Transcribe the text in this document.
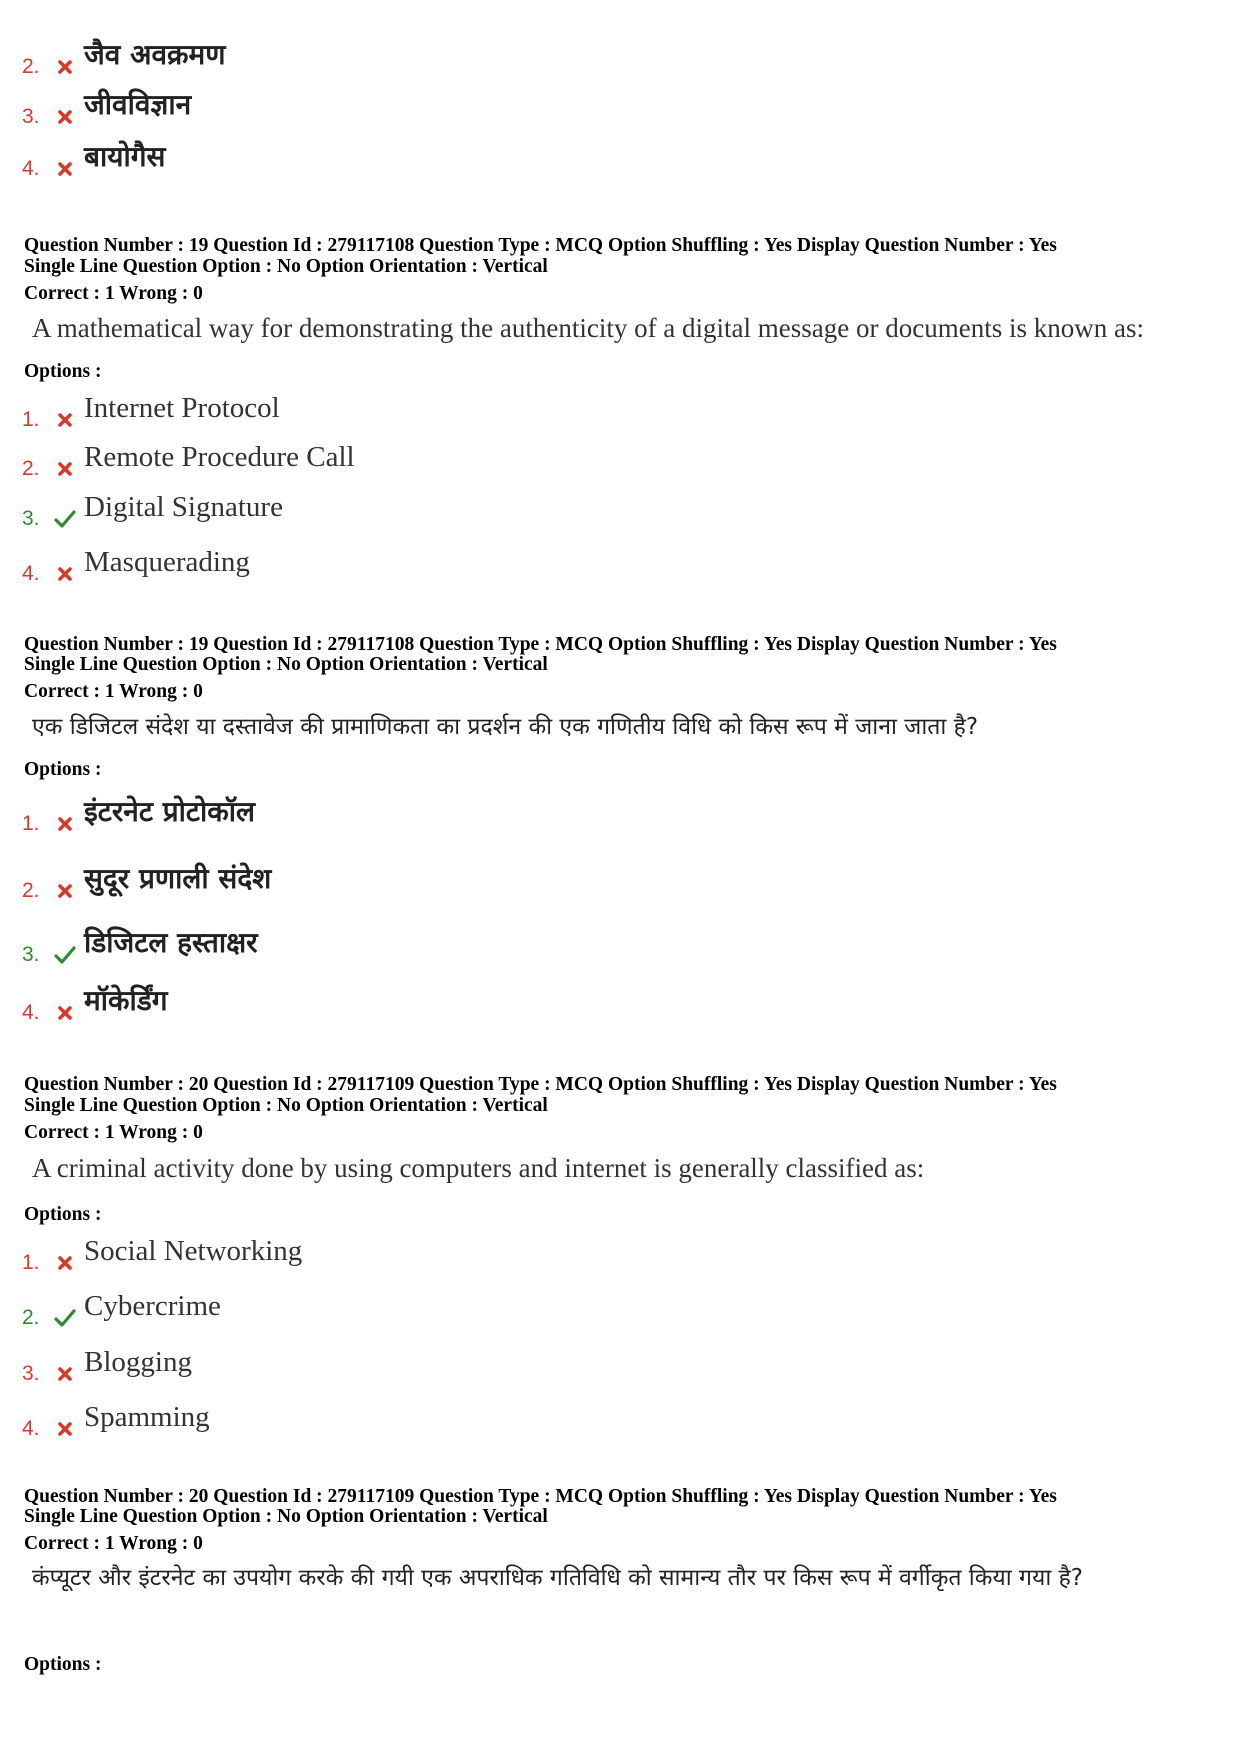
2.	जैव अवक्रमण
3.	जीवविज्ञान
4.	बायोगैस
Question Number : 19 Question Id : 279117108 Question Type : MCQ Option Shuffling : Yes Display Question Number : Yes
Single Line Question Option : No Option Orientation : Vertical
Correct : 1 Wrong : 0
A mathematical way for demonstrating the authenticity of a digital message or documents is known as:
Options :
1.	Internet Protocol
2.	Remote Procedure Call
3.	Digital Signature
4.	Masquerading
Question Number : 19 Question Id : 279117108 Question Type : MCQ Option Shuffling : Yes Display Question Number : Yes
Single Line Question Option : No Option Orientation : Vertical
Correct : 1 Wrong : 0
एक डिजिटल संदेश या दस्तावेज की प्रामाणिकता का प्रदर्शन की एक गणितीय विधि को किस रूप में जाना जाता है?
Options :
1.	इंटरनेट प्रोटोकॉल
2.	सुदूर प्रणाली संदेश
3.	डिजिटल हस्ताक्षर
4.	मॉकेर्डिंग
Question Number : 20 Question Id : 279117109 Question Type : MCQ Option Shuffling : Yes Display Question Number : Yes
Single Line Question Option : No Option Orientation : Vertical
Correct : 1 Wrong : 0
A criminal activity done by using computers and internet is generally classified as:
Options :
1.	Social Networking
2.	Cybercrime
3.	Blogging
4.	Spamming
Question Number : 20 Question Id : 279117109 Question Type : MCQ Option Shuffling : Yes Display Question Number : Yes
Single Line Question Option : No Option Orientation : Vertical
Correct : 1 Wrong : 0
कंप्यूटर और इंटरनेट का उपयोग करके की गयी एक अपराधिक गतिविधि को सामान्य तौर पर किस रूप में वर्गीकृत किया गया है?
Options :
